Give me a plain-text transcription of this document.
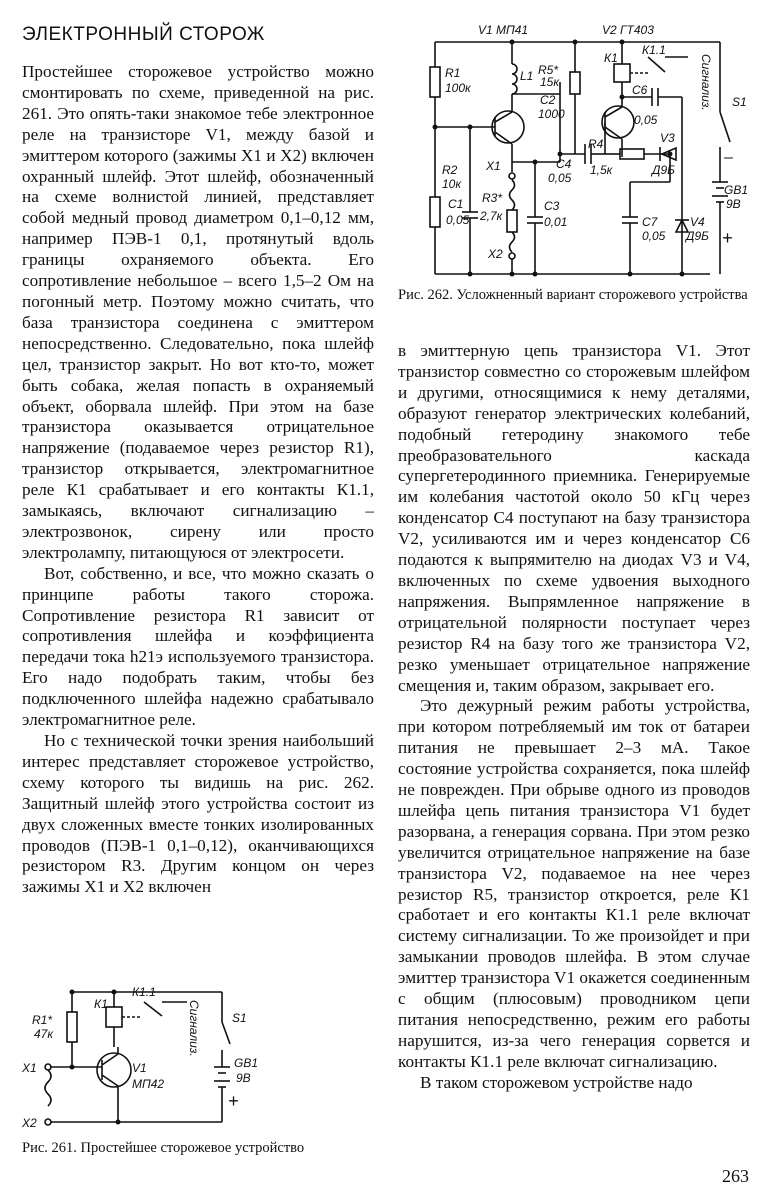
ЭЛЕКТРОННЫЙ СТОРОЖ

Простейшее сторожевое устройство можно смонтировать по схеме, приведенной на рис. 261. Это опять-таки знакомое тебе электронное реле на транзисторе V1, между базой и эмиттером которого (зажимы X1 и X2) включен охранный шлейф. Этот шлейф, обозначенный на схеме волнистой линией, представляет собой медный провод диаметром 0,1–0,12 мм, например ПЭВ-1 0,1, протянутый вдоль границы охраняемого объекта. Его сопротивление небольшое – всего 1,5–2 Ом на погонный метр. Поэтому можно считать, что база транзистора соединена с эмиттером непосредственно. Следовательно, пока шлейф цел, транзистор закрыт. Но вот кто-то, может быть собака, желая попасть в охраняемый объект, оборвала шлейф. При этом на базе транзистора оказывается отрицательное напряжение (подаваемое через резистор R1), транзистор открывается, электромагнитное реле К1 срабатывает и его контакты К1.1, замыкаясь, включают сигнализацию – электрозвонок, сирену или просто электролампу, питающуюся от электросети.

Вот, собственно, и все, что можно сказать о принципе работы такого сторожа. Сопротивление резистора R1 зависит от сопротивления шлейфа и коэффициента передачи тока h21э используемого транзистора. Его надо подобрать таким, чтобы без подключенного шлейфа надежно срабатывало электромагнитное реле.

Но с технической точки зрения наибольший интерес представляет сторожевое устройство, схему которого ты видишь на рис. 262. Защитный шлейф этого устройства состоит из двух сложенных вместе тонких изолированных проводов (ПЭВ-1 0,1–0,12), оканчивающихся резистором R3. Другим концом он через зажимы X1 и X2 включен

V1 МП41	V2 ГТ403
R1
100к
L1 R5*
15к
С2
1000
К1
К1.1
С6
0,05
V3
Д9Б
R4
1,5к
X1	С4
0,05
R2
10к
С1
0,05
R3*
2,7к
С3
0,01	С7
0,05
V4
Д9Б
GB1
9В
X2
S1
–
+
Сигнализ.
Рис. 262. Усложненный вариант сторожевого устройства

в эмиттерную цепь транзистора V1. Этот транзистор совместно со сторожевым шлейфом и другими, относящимися к нему деталями, образуют генератор электрических колебаний, подобный гетеродину знакомого тебе преобразовательного каскада супергетеродинного приемника. Генерируемые им колебания частотой около 50 кГц через конденсатор С4 поступают на базу транзистора V2, усиливаются им и через конденсатор С6 подаются к выпрямителю на диодах V3 и V4, включенных по схеме удвоения выходного напряжения. Выпрямленное напряжение в отрицательной полярности поступает через резистор R4 на базу того же транзистора V2, резко уменьшает отрицательное напряжение смещения и, таким образом, закрывает его.

Это дежурный режим работы устройства, при котором потребляемый им ток от батареи питания не превышает 2–3 мА. Такое состояние устройства сохраняется, пока шлейф не поврежден. При обрыве одного из проводов шлейфа цепь питания транзистора V1 будет разорвана, а генерация сорвана. При этом резко увеличится отрицательное напряжение на базе транзистора V2, подаваемое на нее через резистор R5, транзистор откроется, реле К1 сработает и его контакты К1.1 реле включат систему сигнализации. То же произойдет и при замыкании проводов шлейфа. В этом случае эмиттер транзистора V1 окажется соединенным с общим (плюсовым) проводником цепи питания непосредственно, режим его работы нарушится, из-за чего генерация сорвется и контакты К1.1 реле включат сигнализацию.

В таком сторожевом устройстве надо

К1
К1.1
R1*
47к	Сигнализ.	S1
GB1
9В
X1
X2
V1
МП42
+
Рис. 261. Простейшее сторожевое устройство
263
